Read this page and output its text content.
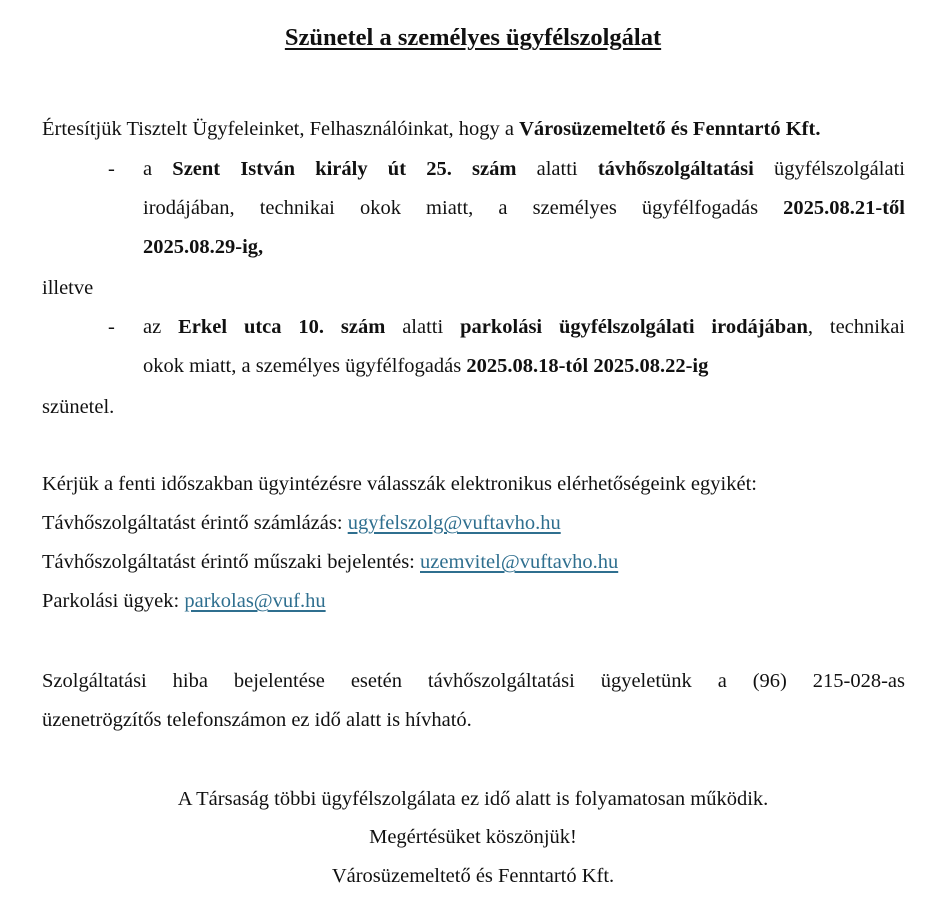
Szünetel a személyes ügyfélszolgálat
Értesítjük Tisztelt Ügyfeleinket, Felhasználóinkat, hogy a Városüzemeltető és Fenntartó Kft.
- a Szent István király út 25. szám alatti távhőszolgáltatási ügyfélszolgálati
irodájában, technikai okok miatt, a személyes ügyfélfogadás 2025.08.21-től
2025.08.29-ig,
illetve
- az Erkel utca 10. szám alatti parkolási ügyfélszolgálati irodájában, technikai
okok miatt, a személyes ügyfélfogadás 2025.08.18-tól 2025.08.22-ig
szünetel.
Kérjük a fenti időszakban ügyintézésre válasszák elektronikus elérhetőségeink egyikét:
Távhőszolgáltatást érintő számlázás: ugyfelszolg@vuftavho.hu
Távhőszolgáltatást érintő műszaki bejelentés: uzemvitel@vuftavho.hu
Parkolási ügyek: parkolas@vuf.hu
Szolgáltatási hiba bejelentése esetén távhőszolgáltatási ügyeletünk a (96) 215-028-as
üzenetrögzítős telefonszámon ez idő alatt is hívható.
A Társaság többi ügyfélszolgálata ez idő alatt is folyamatosan működik.
Megértésüket köszönjük!
Városüzemeltető és Fenntartó Kft.
